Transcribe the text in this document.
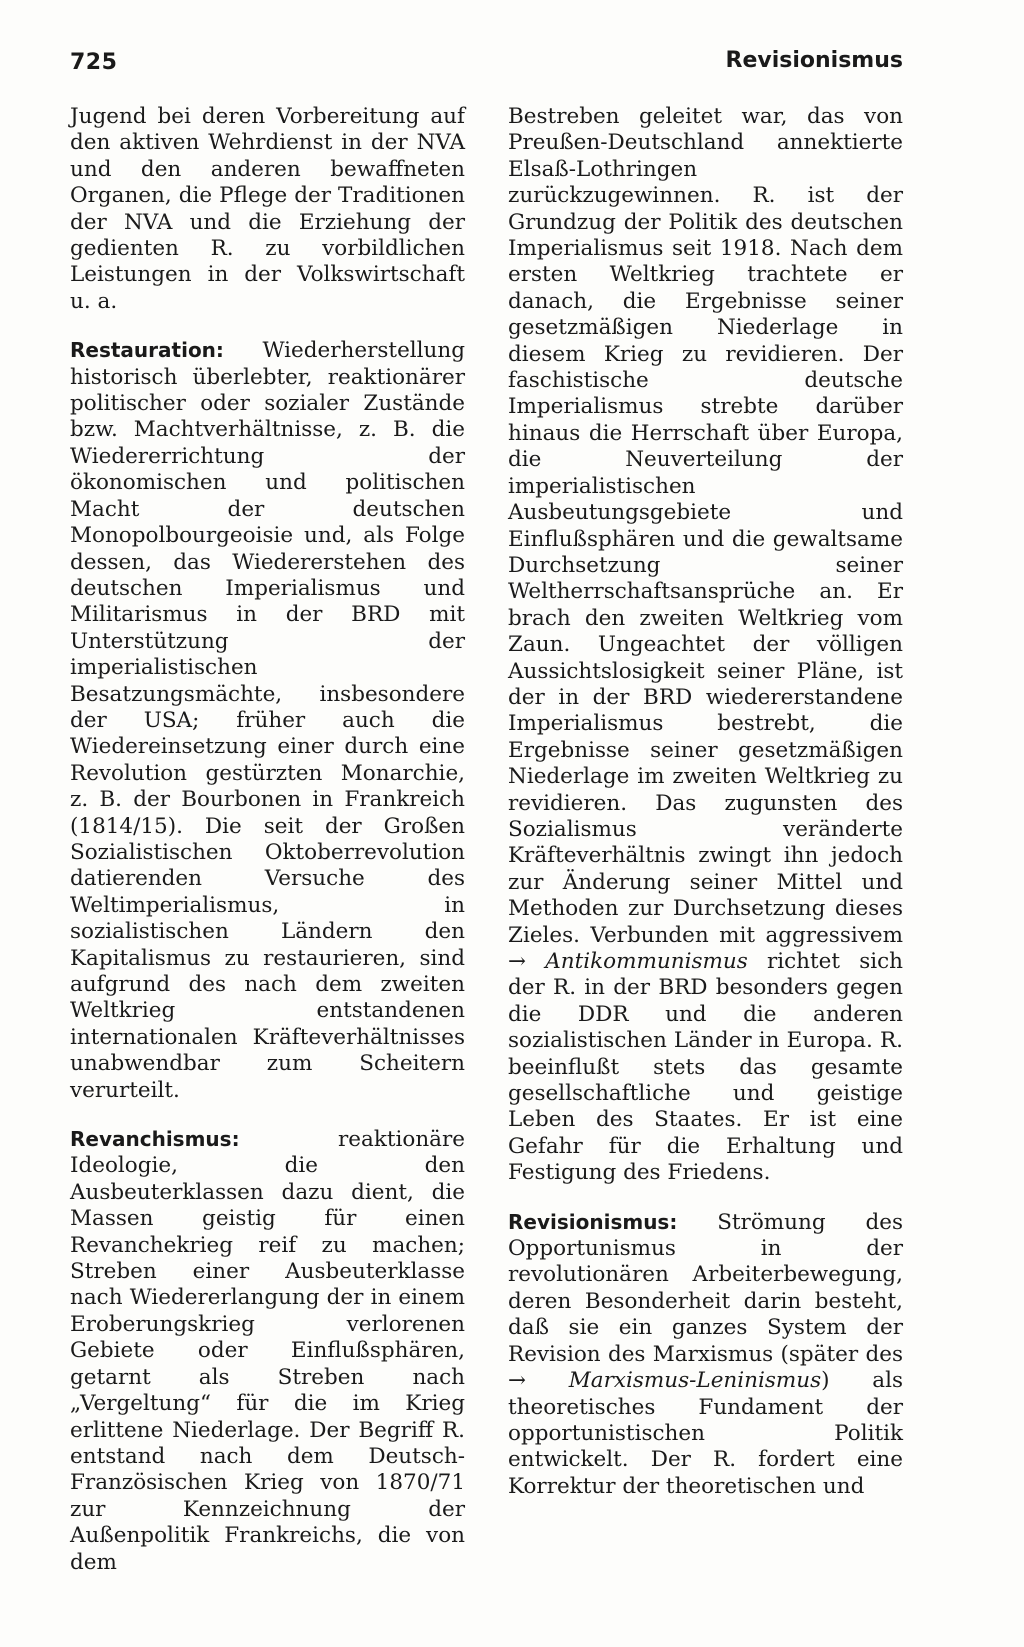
725	Revisionismus

Jugend bei deren Vorbereitung auf den aktiven Wehrdienst in der NVA und den anderen bewaffneten Organen, die Pflege der Traditionen der NVA und die Erziehung der gedienten R. zu vorbildlichen Leistungen in der Volkswirtschaft u. a.

Restauration: Wiederherstellung historisch überlebter, reaktionärer politischer oder sozialer Zustände bzw. Machtverhältnisse, z. B. die Wiedererrichtung der ökonomischen und politischen Macht der deutschen Monopolbourgeoisie und, als Folge dessen, das Wiedererstehen des deutschen Imperialismus und Militarismus in der BRD mit Unterstützung der imperialistischen Besatzungsmächte, insbesondere der USA; früher auch die Wiedereinsetzung einer durch eine Revolution gestürzten Monarchie, z. B. der Bourbonen in Frankreich (1814/15). Die seit der Großen Sozialistischen Oktoberrevolution datierenden Versuche des Weltimperialismus, in sozialistischen Ländern den Kapitalismus zu restaurieren, sind aufgrund des nach dem zweiten Weltkrieg entstandenen internationalen Kräfteverhältnisses unabwendbar zum Scheitern verurteilt.

Revanchismus: reaktionäre Ideologie, die den Ausbeuterklassen dazu dient, die Massen geistig für einen Revanchekrieg reif zu machen; Streben einer Ausbeuterklasse nach Wiedererlangung der in einem Eroberungskrieg verlorenen Gebiete oder Einflußsphären, getarnt als Streben nach „Vergeltung“ für die im Krieg erlittene Niederlage. Der Begriff R. entstand nach dem Deutsch-Französischen Krieg von 1870/71 zur Kennzeichnung der Außenpolitik Frankreichs, die von dem

Bestreben geleitet war, das von Preußen-Deutschland annektierte Elsaß-Lothringen zurückzugewinnen. R. ist der Grundzug der Politik des deutschen Imperialismus seit 1918. Nach dem ersten Weltkrieg trachtete er danach, die Ergebnisse seiner gesetzmäßigen Niederlage in diesem Krieg zu revidieren. Der faschistische deutsche Imperialismus strebte darüber hinaus die Herrschaft über Europa, die Neuverteilung der imperialistischen Ausbeutungsgebiete und Einflußsphären und die gewaltsame Durchsetzung seiner Weltherrschaftsansprüche an. Er brach den zweiten Weltkrieg vom Zaun. Ungeachtet der völligen Aussichtslosigkeit seiner Pläne, ist der in der BRD wiedererstandene Imperialismus bestrebt, die Ergebnisse seiner gesetzmäßigen Niederlage im zweiten Weltkrieg zu revidieren. Das zugunsten des Sozialismus veränderte Kräfteverhältnis zwingt ihn jedoch zur Änderung seiner Mittel und Methoden zur Durchsetzung dieses Zieles. Verbunden mit aggressivem → Antikommunismus richtet sich der R. in der BRD besonders gegen die DDR und die anderen sozialistischen Länder in Europa. R. beeinflußt stets das gesamte gesellschaftliche und geistige Leben des Staates. Er ist eine Gefahr für die Erhaltung und Festigung des Friedens.

Revisionismus: Strömung des Opportunismus in der revolutionären Arbeiterbewegung, deren Besonderheit darin besteht, daß sie ein ganzes System der Revision des Marxismus (später des → Marxismus-Leninismus) als theoretisches Fundament der opportunistischen Politik entwickelt. Der R. fordert eine Korrektur der theoretischen und
